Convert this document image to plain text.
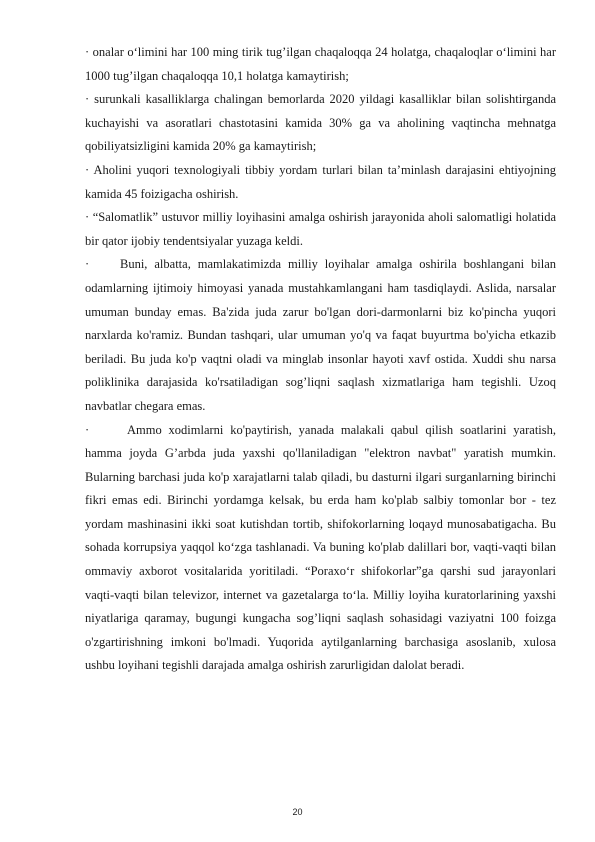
· onalar o‘limini har 100 ming tirik tug’ilgan chaqaloqqa 24 holatga, chaqaloqlar o‘limini har 1000 tug’ilgan chaqaloqqa 10,1 holatga kamaytirish;

· surunkali kasalliklarga chalingan bemorlarda 2020 yildagi kasalliklar bilan solishtirganda kuchayishi va asoratlari chastotasini kamida 30% ga va aholining vaqtincha mehnatga qobiliyatsizligini kamida 20% ga kamaytirish;

· Aholini yuqori texnologiyali tibbiy yordam turlari bilan ta’minlash darajasini ehtiyojning kamida 45 foizigacha oshirish.

· “Salomatlik” ustuvor milliy loyihasini amalga oshirish jarayonida aholi salomatligi holatida bir qator ijobiy tendentsiyalar yuzaga keldi.

· Buni, albatta, mamlakatimizda milliy loyihalar amalga oshirila boshlangani bilan odamlarning ijtimoiy himoyasi yanada mustahkamlangani ham tasdiqlaydi. Aslida, narsalar umuman bunday emas. Ba'zida juda zarur bo'lgan dori-darmonlarni biz ko'pincha yuqori narxlarda ko'ramiz. Bundan tashqari, ular umuman yo'q va faqat buyurtma bo'yicha etkazib beriladi. Bu juda ko'p vaqtni oladi va minglab insonlar hayoti xavf ostida. Xuddi shu narsa poliklinika darajasida ko'rsatiladigan sog’liqni saqlash xizmatlariga ham tegishli. Uzoq navbatlar chegara emas.

·	Ammo xodimlarni ko'paytirish, yanada malakali qabul qilish soatlarini yaratish, hamma joyda G’arbda juda yaxshi qo'llaniladigan "elektron navbat" yaratish mumkin. Bularning barchasi juda ko'p xarajatlarni talab qiladi, bu dasturni ilgari surganlarning birinchi fikri emas edi. Birinchi yordamga kelsak, bu erda ham ko'plab salbiy tomonlar bor - tez yordam mashinasini ikki soat kutishdan tortib, shifokorlarning loqayd munosabatigacha. Bu sohada korrupsiya yaqqol ko‘zga tashlanadi. Va buning ko'plab dalillari bor, vaqti-vaqti bilan ommaviy axborot vositalarida yoritiladi. “Poraxo‘r shifokorlar”ga qarshi sud jarayonlari vaqti-vaqti bilan televizor, internet va gazetalarga to‘la. Milliy loyiha kuratorlarining yaxshi niyatlariga qaramay, bugungi kungacha sog’liqni saqlash sohasidagi vaziyatni 100 foizga o'zgartirishning imkoni bo'lmadi. Yuqorida aytilganlarning barchasiga asoslanib, xulosa ushbu loyihani tegishli darajada amalga oshirish zarurligidan dalolat beradi.

20
